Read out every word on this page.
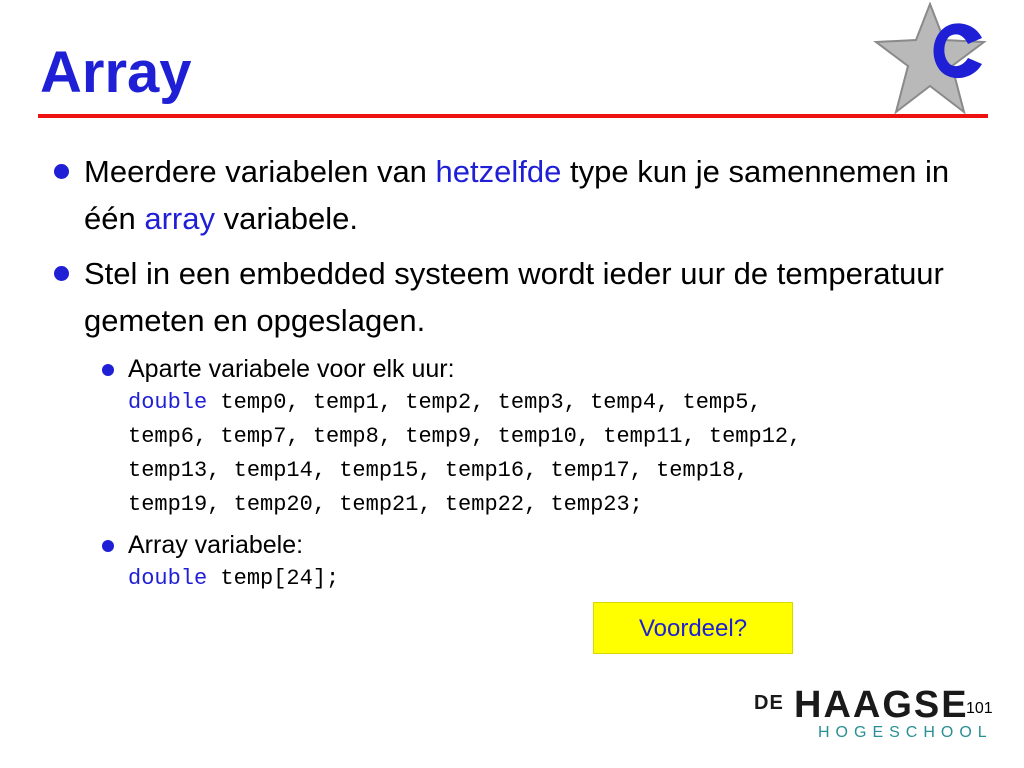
Array
C
Meerdere variabelen van hetzelfde type kun je samennemen in één array variabele.
Stel in een embedded systeem wordt ieder uur de temperatuur gemeten en opgeslagen.
Aparte variabele voor elk uur:
double temp0, temp1, temp2, temp3, temp4, temp5,
temp6, temp7, temp8, temp9, temp10, temp11, temp12,
temp13, temp14, temp15, temp16, temp17, temp18,
temp19, temp20, temp21, temp22, temp23;
Array variabele:
double temp[24];
Voordeel?
DE HAAGSE
HOGESCHOOL
101
